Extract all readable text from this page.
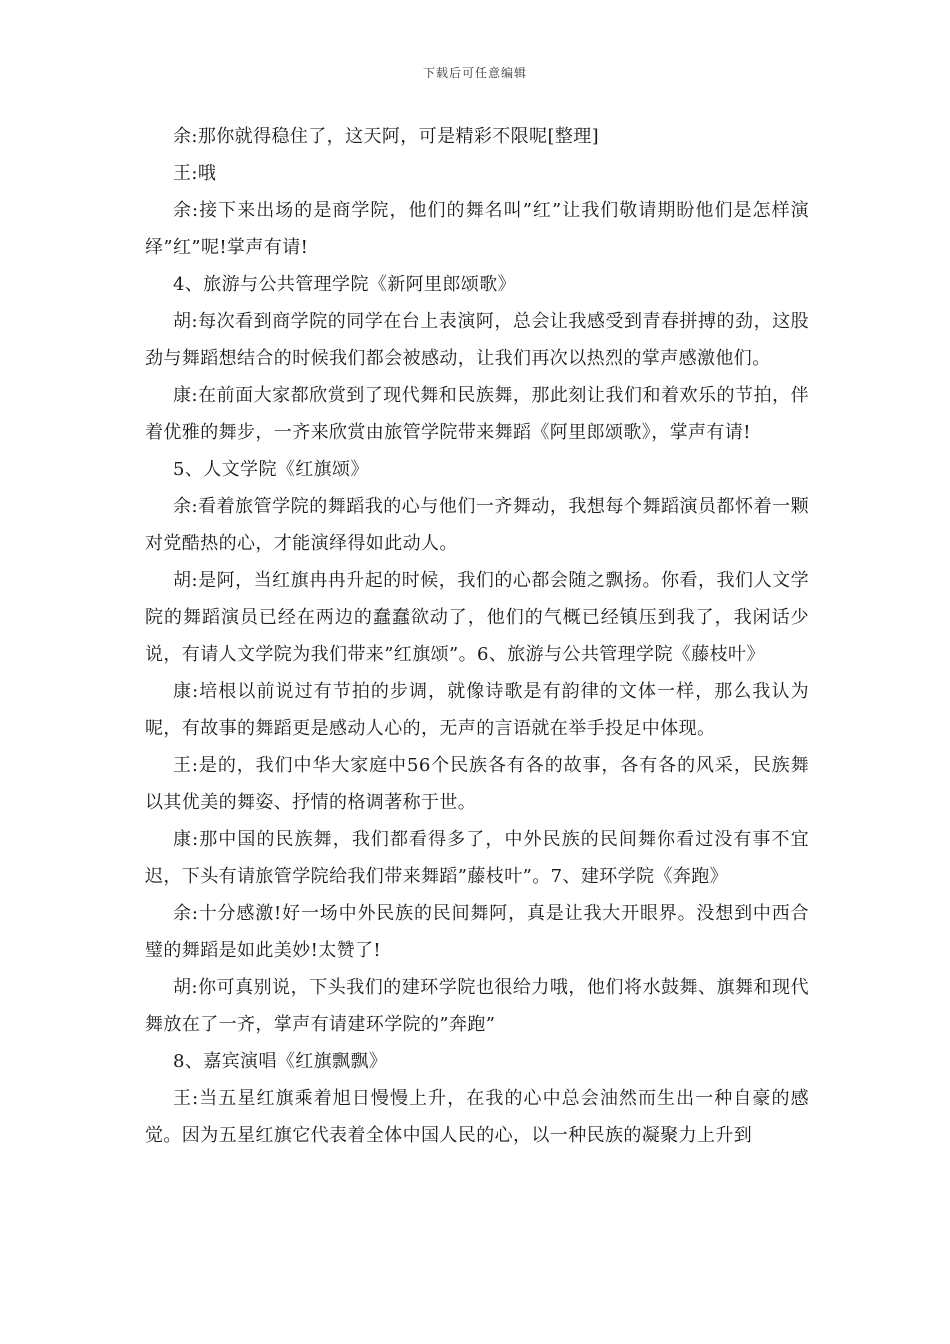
下载后可任意编辑

余:那你就得稳住了，这天阿，可是精彩不限呢[整理]

王:哦

余:接下来出场的是商学院，他们的舞名叫”红”让我们敬请期盼他们是怎样演绎”红”呢!掌声有请!

4、旅游与公共管理学院《新阿里郎颂歌》

胡:每次看到商学院的同学在台上表演阿，总会让我感受到青春拼搏的劲，这股劲与舞蹈想结合的时候我们都会被感动，让我们再次以热烈的掌声感激他们。

康:在前面大家都欣赏到了现代舞和民族舞，那此刻让我们和着欢乐的节拍，伴着优雅的舞步，一齐来欣赏由旅管学院带来舞蹈《阿里郎颂歌》，掌声有请!

5、人文学院《红旗颂》

余:看着旅管学院的舞蹈我的心与他们一齐舞动，我想每个舞蹈演员都怀着一颗对党酷热的心，才能演绎得如此动人。

胡:是阿，当红旗冉冉升起的时候，我们的心都会随之飘扬。你看，我们人文学院的舞蹈演员已经在两边的蠢蠢欲动了，他们的气概已经镇压到我了，我闲话少说，有请人文学院为我们带来”红旗颂”。6、旅游与公共管理学院《藤枝叶》

康:培根以前说过有节拍的步调，就像诗歌是有韵律的文体一样，那么我认为呢，有故事的舞蹈更是感动人心的，无声的言语就在举手投足中体现。

王:是的，我们中华大家庭中56个民族各有各的故事，各有各的风采，民族舞以其优美的舞姿、抒情的格调著称于世。

康:那中国的民族舞，我们都看得多了，中外民族的民间舞你看过没有事不宜迟，下头有请旅管学院给我们带来舞蹈”藤枝叶”。7、建环学院《奔跑》

余:十分感激!好一场中外民族的民间舞阿，真是让我大开眼界。没想到中西合璧的舞蹈是如此美妙!太赞了!

胡:你可真别说，下头我们的建环学院也很给力哦，他们将水鼓舞、旗舞和现代舞放在了一齐，掌声有请建环学院的”奔跑”

8、嘉宾演唱《红旗飘飘》

王:当五星红旗乘着旭日慢慢上升，在我的心中总会油然而生出一种自豪的感觉。因为五星红旗它代表着全体中国人民的心，以一种民族的凝聚力上升到
